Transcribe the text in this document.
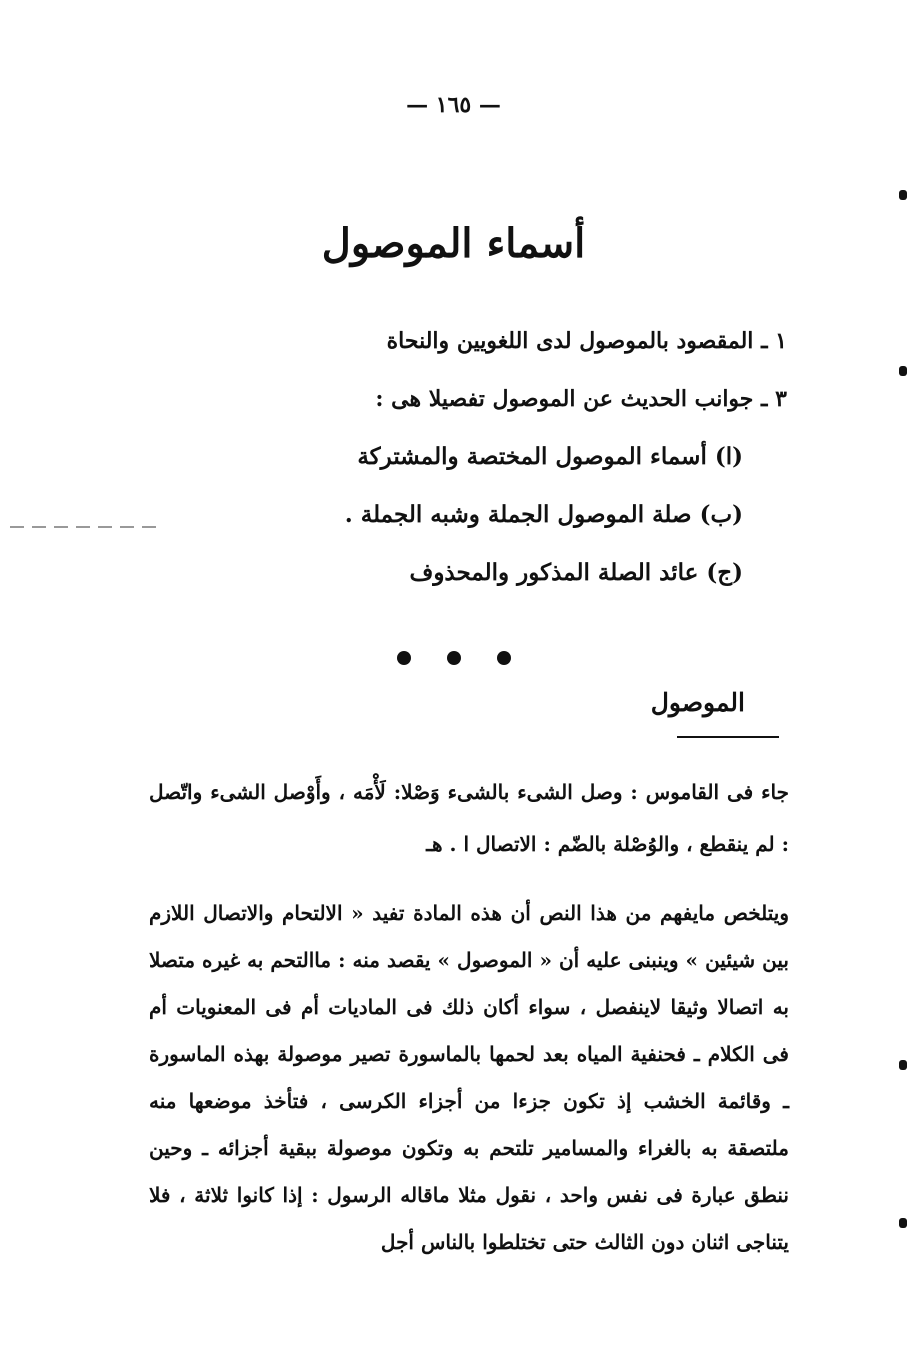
— ١٦٥ —
أسماء الموصول
١ ـ المقصود بالموصول لدى اللغويين والنحاة
٣ ـ جوانب الحديث عن الموصول تفصيلا هى :
(ا) أسماء الموصول المختصة والمشتركة
(ب) صلة الموصول الجملة وشبه الجملة .
(ج) عائد الصلة المذكور والمحذوف
الموصول
جاء فى القاموس : وصل الشىء بالشىء وَصْلا: لَأْمَه ، وأَوْصل الشىء واتّصل : لم ينقطع ، والوُصْلة بالضّم : الاتصال ا . هـ
ويتلخص مايفهم من هذا النص أن هذه المادة تفيد « الالتحام والاتصال اللازم بين شيئين » وينبنى عليه أن « الموصول » يقصد منه : ماالتحم به غيره متصلا به اتصالا وثيقا لاينفصل ، سواء أكان ذلك فى الماديات أم فى المعنويات أم فى الكلام ـ فحنفية المياه بعد لحمها بالماسورة تصير موصولة بهذه الماسورة ـ وقائمة الخشب إذ تكون جزءا من أجزاء الكرسى ، فتأخذ موضعها منه ملتصقة به بالغراء والمسامير تلتحم به وتكون موصولة ببقية أجزائه ـ وحين ننطق عبارة فى نفس واحد ، نقول مثلا ماقاله الرسول : إذا كانوا ثلاثة ، فلا يتناجى اثنان دون الثالث حتى تختلطوا بالناس أجل
